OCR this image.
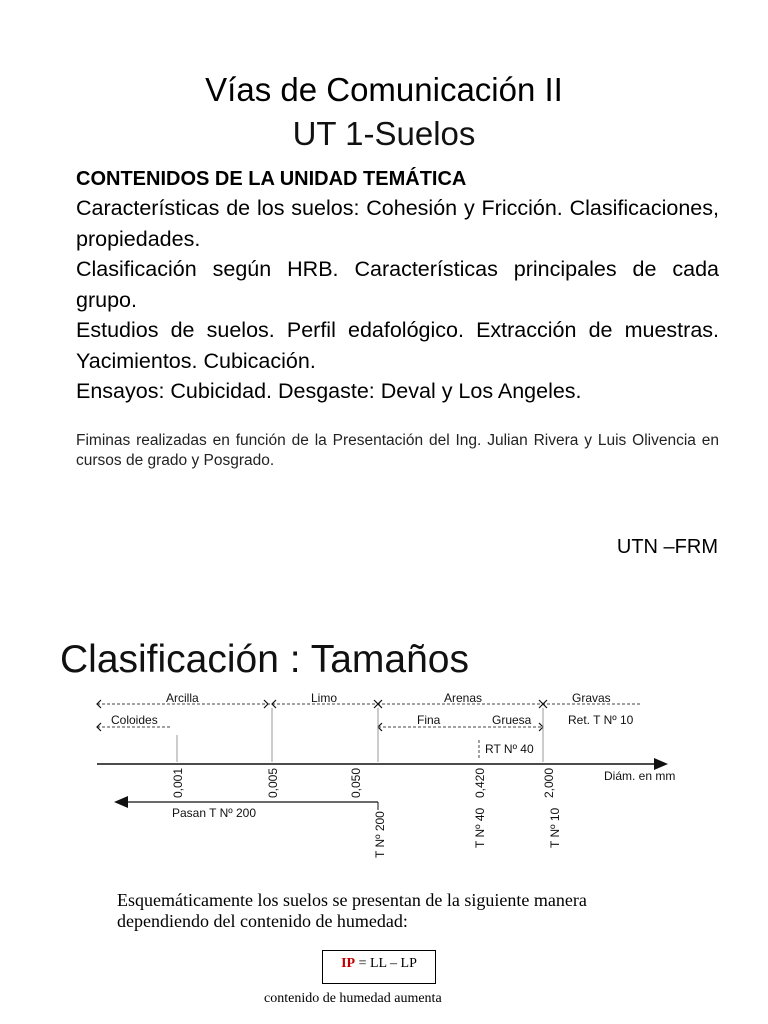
Vías de Comunicación II
UT 1-Suelos
CONTENIDOS DE LA UNIDAD TEMÁTICA

Características de los suelos: Cohesión y Fricción. Clasificaciones, propiedades.

Clasificación según HRB. Características principales de cada grupo.

Estudios de suelos. Perfil edafológico. Extracción de muestras. Yacimientos. Cubicación.

Ensayos: Cubicidad. Desgaste: Deval y Los Angeles.

Fiminas realizadas en función de la Presentación del Ing. Julian Rivera y Luis Olivencia en cursos de grado y Posgrado.
UTN –FRM
Clasificación : Tamaños
Arcilla	Limo	Arenas	Gravas
Coloides	Fina	Gruesa	Ret. T Nº 10
RT Nº 40
Diám. en mm
0,001	0,005	0,050	0,420	2,000
Pasan T Nº 200	T Nº 200	T Nº 40	T Nº 10
Esquemáticamente los suelos se presentan de la siguiente manera dependiendo del contenido de humedad:
IP = LL – LP
contenido de humedad aumenta
